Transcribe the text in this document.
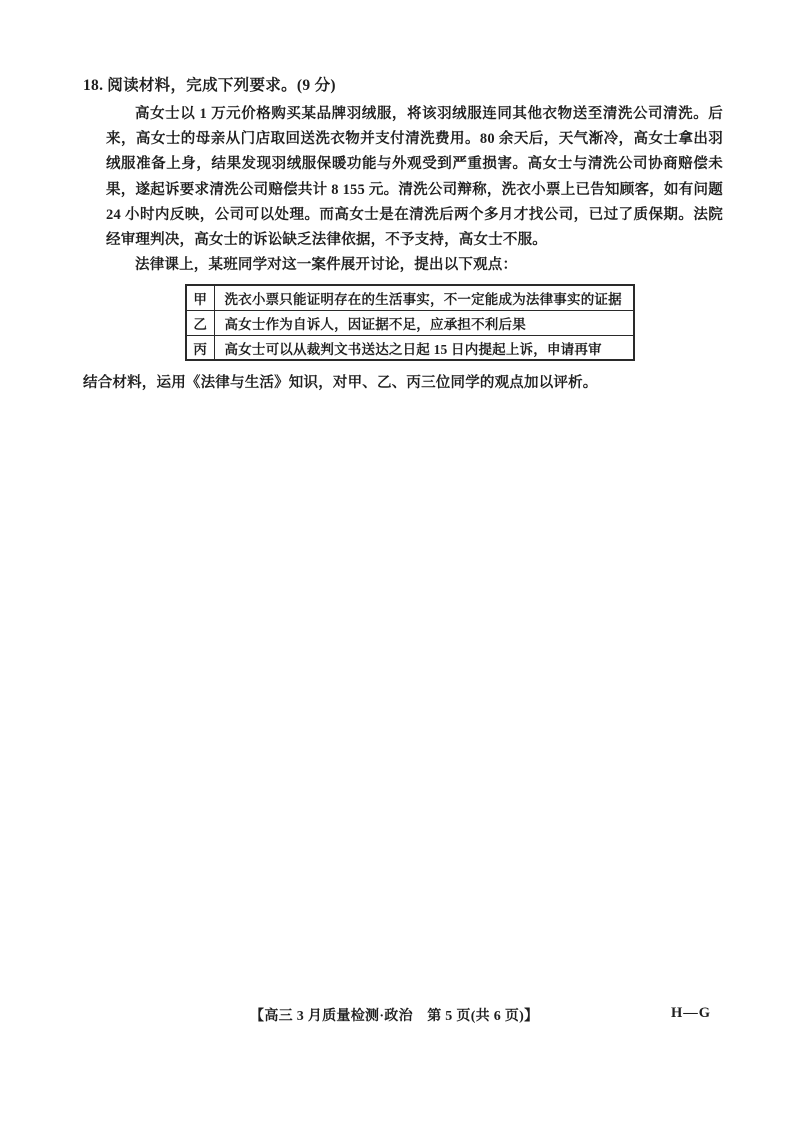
18. 阅读材料，完成下列要求。(9 分)

高女士以 1 万元价格购买某品牌羽绒服，将该羽绒服连同其他衣物送至清洗公司清洗。后来，高女士的母亲从门店取回送洗衣物并支付清洗费用。80 余天后，天气渐冷，高女士拿出羽绒服准备上身，结果发现羽绒服保暖功能与外观受到严重损害。高女士与清洗公司协商赔偿未果，遂起诉要求清洗公司赔偿共计 8 155 元。清洗公司辩称，洗衣小票上已告知顾客，如有问题 24 小时内反映，公司可以处理。而高女士是在清洗后两个多月才找公司，已过了质保期。法院经审理判决，高女士的诉讼缺乏法律依据，不予支持，高女士不服。

法律课上，某班同学对这一案件展开讨论，提出以下观点：

甲	洗衣小票只能证明存在的生活事实，不一定能成为法律事实的证据
乙	高女士作为自诉人，因证据不足，应承担不利后果
丙	高女士可以从裁判文书送达之日起 15 日内提起上诉，申请再审

结合材料，运用《法律与生活》知识，对甲、乙、丙三位同学的观点加以评析。

【高三 3 月质量检测·政治　第 5 页(共 6 页)】	H—G
